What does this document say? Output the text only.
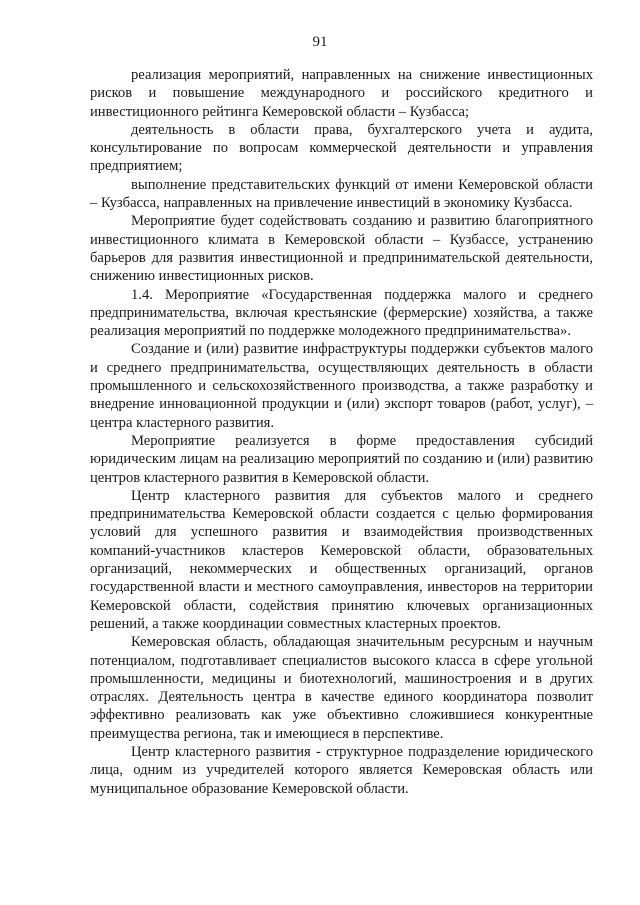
91

реализация мероприятий, направленных на снижение инвестиционных рисков и повышение международного и российского кредитного и инвестиционного рейтинга Кемеровской области – Кузбасса;

деятельность в области права, бухгалтерского учета и аудита, консультирование по вопросам коммерческой деятельности и управления предприятием;

выполнение представительских функций от имени Кемеровской области – Кузбасса, направленных на привлечение инвестиций в экономику Кузбасса.

Мероприятие будет содействовать созданию и развитию благоприятного инвестиционного климата в Кемеровской области – Кузбассе, устранению барьеров для развития инвестиционной и предпринимательской деятельности, снижению инвестиционных рисков.

1.4. Мероприятие «Государственная поддержка малого и среднего предпринимательства, включая крестьянские (фермерские) хозяйства, а также реализация мероприятий по поддержке молодежного предпринимательства».

Создание и (или) развитие инфраструктуры поддержки субъектов малого и среднего предпринимательства, осуществляющих деятельность в области промышленного и сельскохозяйственного производства, а также разработку и внедрение инновационной продукции и (или) экспорт товаров (работ, услуг), – центра кластерного развития.

Мероприятие реализуется в форме предоставления субсидий юридическим лицам на реализацию мероприятий по созданию и (или) развитию центров кластерного развития в Кемеровской области.

Центр кластерного развития для субъектов малого и среднего предпринимательства Кемеровской области создается с целью формирования условий для успешного развития и взаимодействия производственных компаний-участников кластеров Кемеровской области, образовательных организаций, некоммерческих и общественных организаций, органов государственной власти и местного самоуправления, инвесторов на территории Кемеровской области, содействия принятию ключевых организационных решений, а также координации совместных кластерных проектов.

Кемеровская область, обладающая значительным ресурсным и научным потенциалом, подготавливает специалистов высокого класса в сфере угольной промышленности, медицины и биотехнологий, машиностроения и в других отраслях. Деятельность центра в качестве единого координатора позволит эффективно реализовать как уже объективно сложившиеся конкурентные преимущества региона, так и имеющиеся в перспективе.

Центр кластерного развития - структурное подразделение юридического лица, одним из учредителей которого является Кемеровская область или муниципальное образование Кемеровской области.
